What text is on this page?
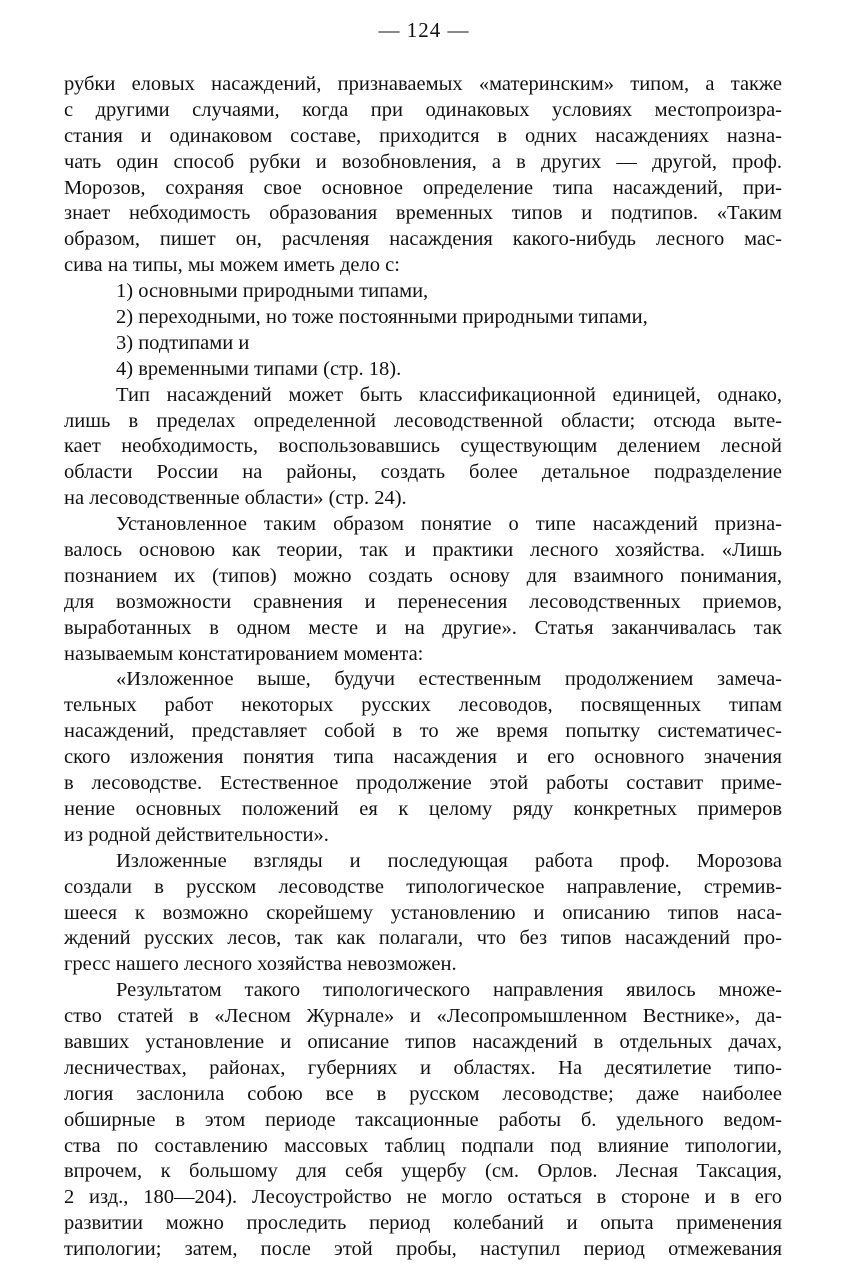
— 124 —
рубки еловых насаждений, признаваемых «материнским» типом, а также
с другими случаями, когда при одинаковых условиях местопроизра-
стания и одинаковом составе, приходится в одних насаждениях назна-
чать один способ рубки и возобновления, а в других — другой, проф.
Морозов, сохраняя свое основное определение типа насаждений, при-
знает небходимость образования временных типов и подтипов. «Таким
образом, пишет он, расчленяя насаждения какого-нибудь лесного мас-
сива на типы, мы можем иметь дело с:
1) основными природными типами,
2) переходными, но тоже постоянными природными типами,
3) подтипами и
4) временными типами (стр. 18).
Тип насаждений может быть классификационной единицей, однако,
лишь в пределах определенной лесоводственной области; отсюда выте-
кает необходимость, воспользовавшись существующим делением лесной
области России на районы, создать более детальное подразделение
на лесоводственные области» (стр. 24).
Установленное таким образом понятие о типе насаждений призна-
валось основою как теории, так и практики лесного хозяйства. «Лишь
познанием их (типов) можно создать основу для взаимного понимания,
для возможности сравнения и перенесения лесоводственных приемов,
выработанных в одном месте и на другие». Статья заканчивалась так
называемым констатированием момента:
«Изложенное выше, будучи естественным продолжением замеча-
тельных работ некоторых русских лесоводов, посвященных типам
насаждений, представляет собой в то же время попытку систематичес-
ского изложения понятия типа насаждения и его основного значения
в лесоводстве. Естественное продолжение этой работы составит приме-
нение основных положений ея к целому ряду конкретных примеров
из родной действительности».
Изложенные взгляды и последующая работа проф. Морозова
создали в русском лесоводстве типологическое направление, стремив-
шееся к возможно скорейшему установлению и описанию типов наса-
ждений русских лесов, так как полагали, что без типов насаждений про-
гресс нашего лесного хозяйства невозможен.
Результатом такого типологического направления явилось множе-
ство статей в «Лесном Журнале» и «Лесопромышленном Вестнике», да-
вавших установление и описание типов насаждений в отдельных дачах,
лесничествах, районах, губерниях и областях. На десятилетие типо-
логия заслонила собою все в русском лесоводстве; даже наиболее
обширные в этом периоде таксационные работы б. удельного ведом-
ства по составлению массовых таблиц подпали под влияние типологии,
впрочем, к большому для себя ущербу (см. Орлов. Лесная Таксация,
2 изд., 180—204). Лесоустройство не могло остаться в стороне и в его
развитии можно проследить период колебаний и опыта применения
типологии; затем, после этой пробы, наступил период отмежевания
